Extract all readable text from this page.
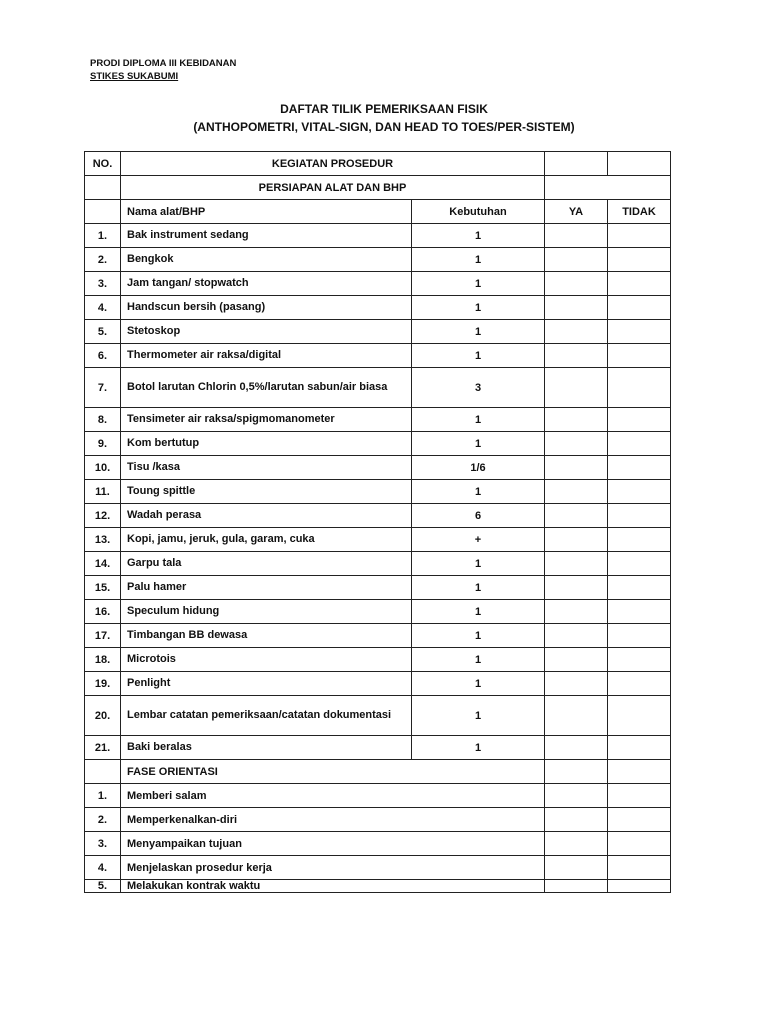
PRODI DIPLOMA III KEBIDANAN
STIKES SUKABUMI
DAFTAR TILIK PEMERIKSAAN FISIK
(ANTHOPOMETRI, VITAL-SIGN, DAN HEAD TO TOES/PER-SISTEM)
NO.	KEGIATAN PROSEDUR			
	PERSIAPAN ALAT DAN BHP			
	Nama alat/BHP	Kebutuhan	YA	TIDAK
1.	Bak instrument sedang	1		
2.	Bengkok	1		
3.	Jam tangan/ stopwatch	1		
4.	Handscun bersih (pasang)	1		
5.	Stetoskop	1		
6.	Thermometer air raksa/digital	1		
7.	Botol larutan Chlorin 0,5%/larutan sabun/air biasa	3		
8.	Tensimeter air raksa/spigmomanometer	1		
9.	Kom bertutup	1		
10.	Tisu /kasa	1/6		
11.	Toung spittle	1		
12.	Wadah perasa	6		
13.	Kopi, jamu, jeruk, gula, garam, cuka	+		
14.	Garpu tala	1		
15.	Palu hamer	1		
16.	Speculum hidung	1		
17.	Timbangan BB dewasa	1		
18.	Microtois	1		
19.	Penlight	1		
20.	Lembar catatan pemeriksaan/catatan dokumentasi	1		
21.	Baki beralas	1		
	FASE ORIENTASI			
1.	Memberi salam			
2.	Memperkenalkan-diri			
3.	Menyampaikan tujuan			
4.	Menjelaskan prosedur kerja			
5.	Melakukan kontrak waktu			
